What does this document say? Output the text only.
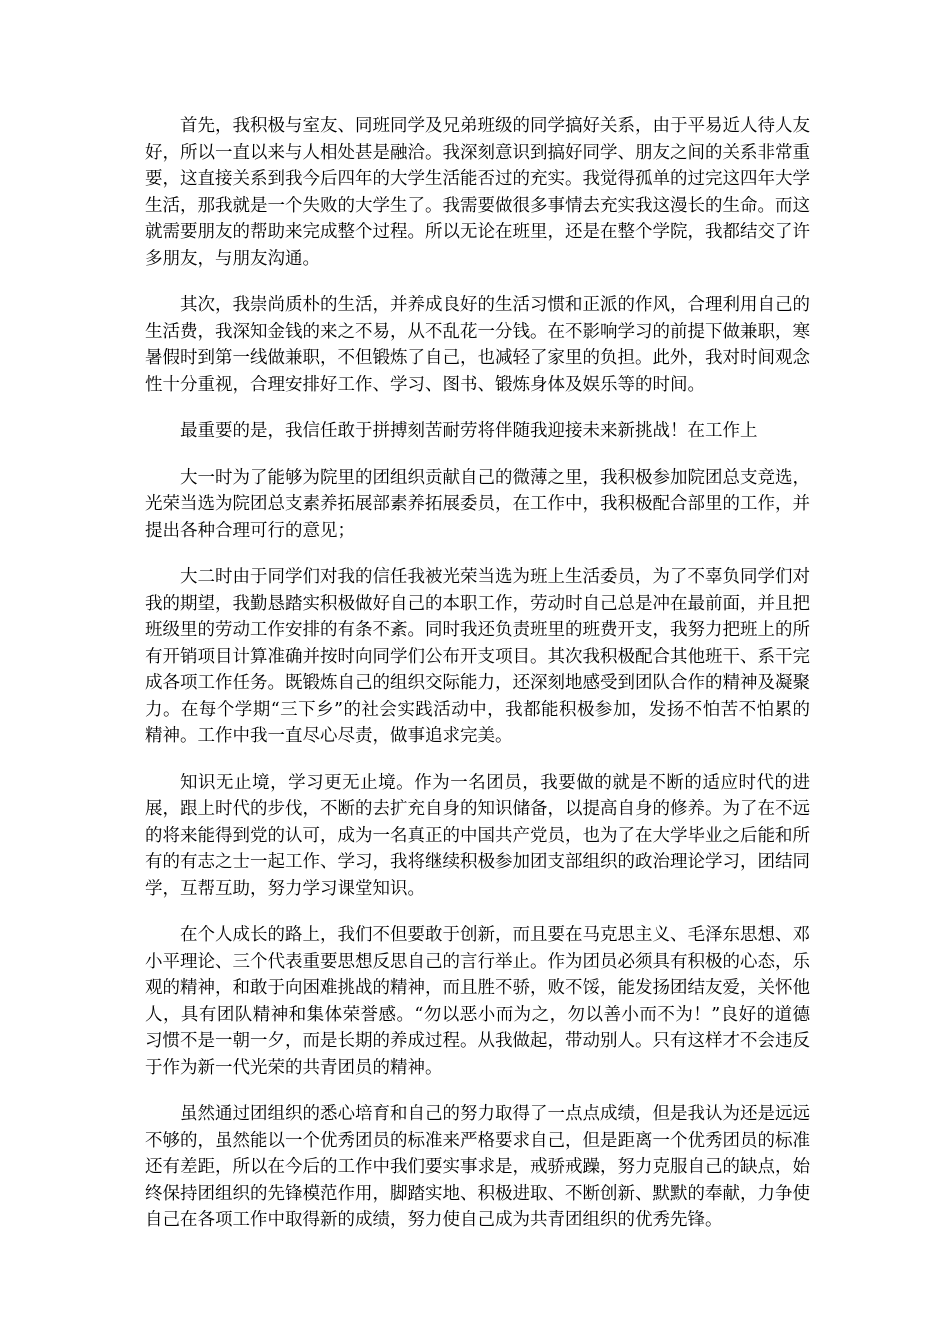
首先，我积极与室友、同班同学及兄弟班级的同学搞好关系，由于平易近人待人友好，所以一直以来与人相处甚是融洽。我深刻意识到搞好同学、朋友之间的关系非常重要，这直接关系到我今后四年的大学生活能否过的充实。我觉得孤单的过完这四年大学生活，那我就是一个失败的大学生了。我需要做很多事情去充实我这漫长的生命。而这就需要朋友的帮助来完成整个过程。所以无论在班里，还是在整个学院，我都结交了许多朋友，与朋友沟通。

其次，我崇尚质朴的生活，并养成良好的生活习惯和正派的作风，合理利用自己的生活费，我深知金钱的来之不易，从不乱花一分钱。在不影响学习的前提下做兼职，寒暑假时到第一线做兼职，不但锻炼了自己，也减轻了家里的负担。此外，我对时间观念性十分重视，合理安排好工作、学习、图书、锻炼身体及娱乐等的时间。

最重要的是，我信任敢于拼搏刻苦耐劳将伴随我迎接未来新挑战！在工作上

大一时为了能够为院里的团组织贡献自己的微薄之里，我积极参加院团总支竞选，光荣当选为院团总支素养拓展部素养拓展委员，在工作中，我积极配合部里的工作，并提出各种合理可行的意见；

大二时由于同学们对我的信任我被光荣当选为班上生活委员，为了不辜负同学们对我的期望，我勤恳踏实积极做好自己的本职工作，劳动时自己总是冲在最前面，并且把班级里的劳动工作安排的有条不紊。同时我还负责班里的班费开支，我努力把班上的所有开销项目计算准确并按时向同学们公布开支项目。其次我积极配合其他班干、系干完成各项工作任务。既锻炼自己的组织交际能力，还深刻地感受到团队合作的精神及凝聚力。在每个学期“三下乡”的社会实践活动中，我都能积极参加，发扬不怕苦不怕累的精神。工作中我一直尽心尽责，做事追求完美。

知识无止境，学习更无止境。作为一名团员，我要做的就是不断的适应时代的进展，跟上时代的步伐，不断的去扩充自身的知识储备，以提高自身的修养。为了在不远的将来能得到党的认可，成为一名真正的中国共产党员，也为了在大学毕业之后能和所有的有志之士一起工作、学习，我将继续积极参加团支部组织的政治理论学习，团结同学，互帮互助，努力学习课堂知识。

在个人成长的路上，我们不但要敢于创新，而且要在马克思主义、毛泽东思想、邓小平理论、三个代表重要思想反思自己的言行举止。作为团员必须具有积极的心态，乐观的精神，和敢于向困难挑战的精神，而且胜不骄，败不馁，能发扬团结友爱，关怀他人，具有团队精神和集体荣誉感。“勿以恶小而为之，勿以善小而不为！”良好的道德习惯不是一朝一夕，而是长期的养成过程。从我做起，带动别人。只有这样才不会违反于作为新一代光荣的共青团员的精神。

虽然通过团组织的悉心培育和自己的努力取得了一点点成绩，但是我认为还是远远不够的，虽然能以一个优秀团员的标准来严格要求自己，但是距离一个优秀团员的标准还有差距，所以在今后的工作中我们要实事求是，戒骄戒躁，努力克服自己的缺点，始终保持团组织的先锋模范作用，脚踏实地、积极进取、不断创新、默默的奉献，力争使自己在各项工作中取得新的成绩，努力使自己成为共青团组织的优秀先锋。
